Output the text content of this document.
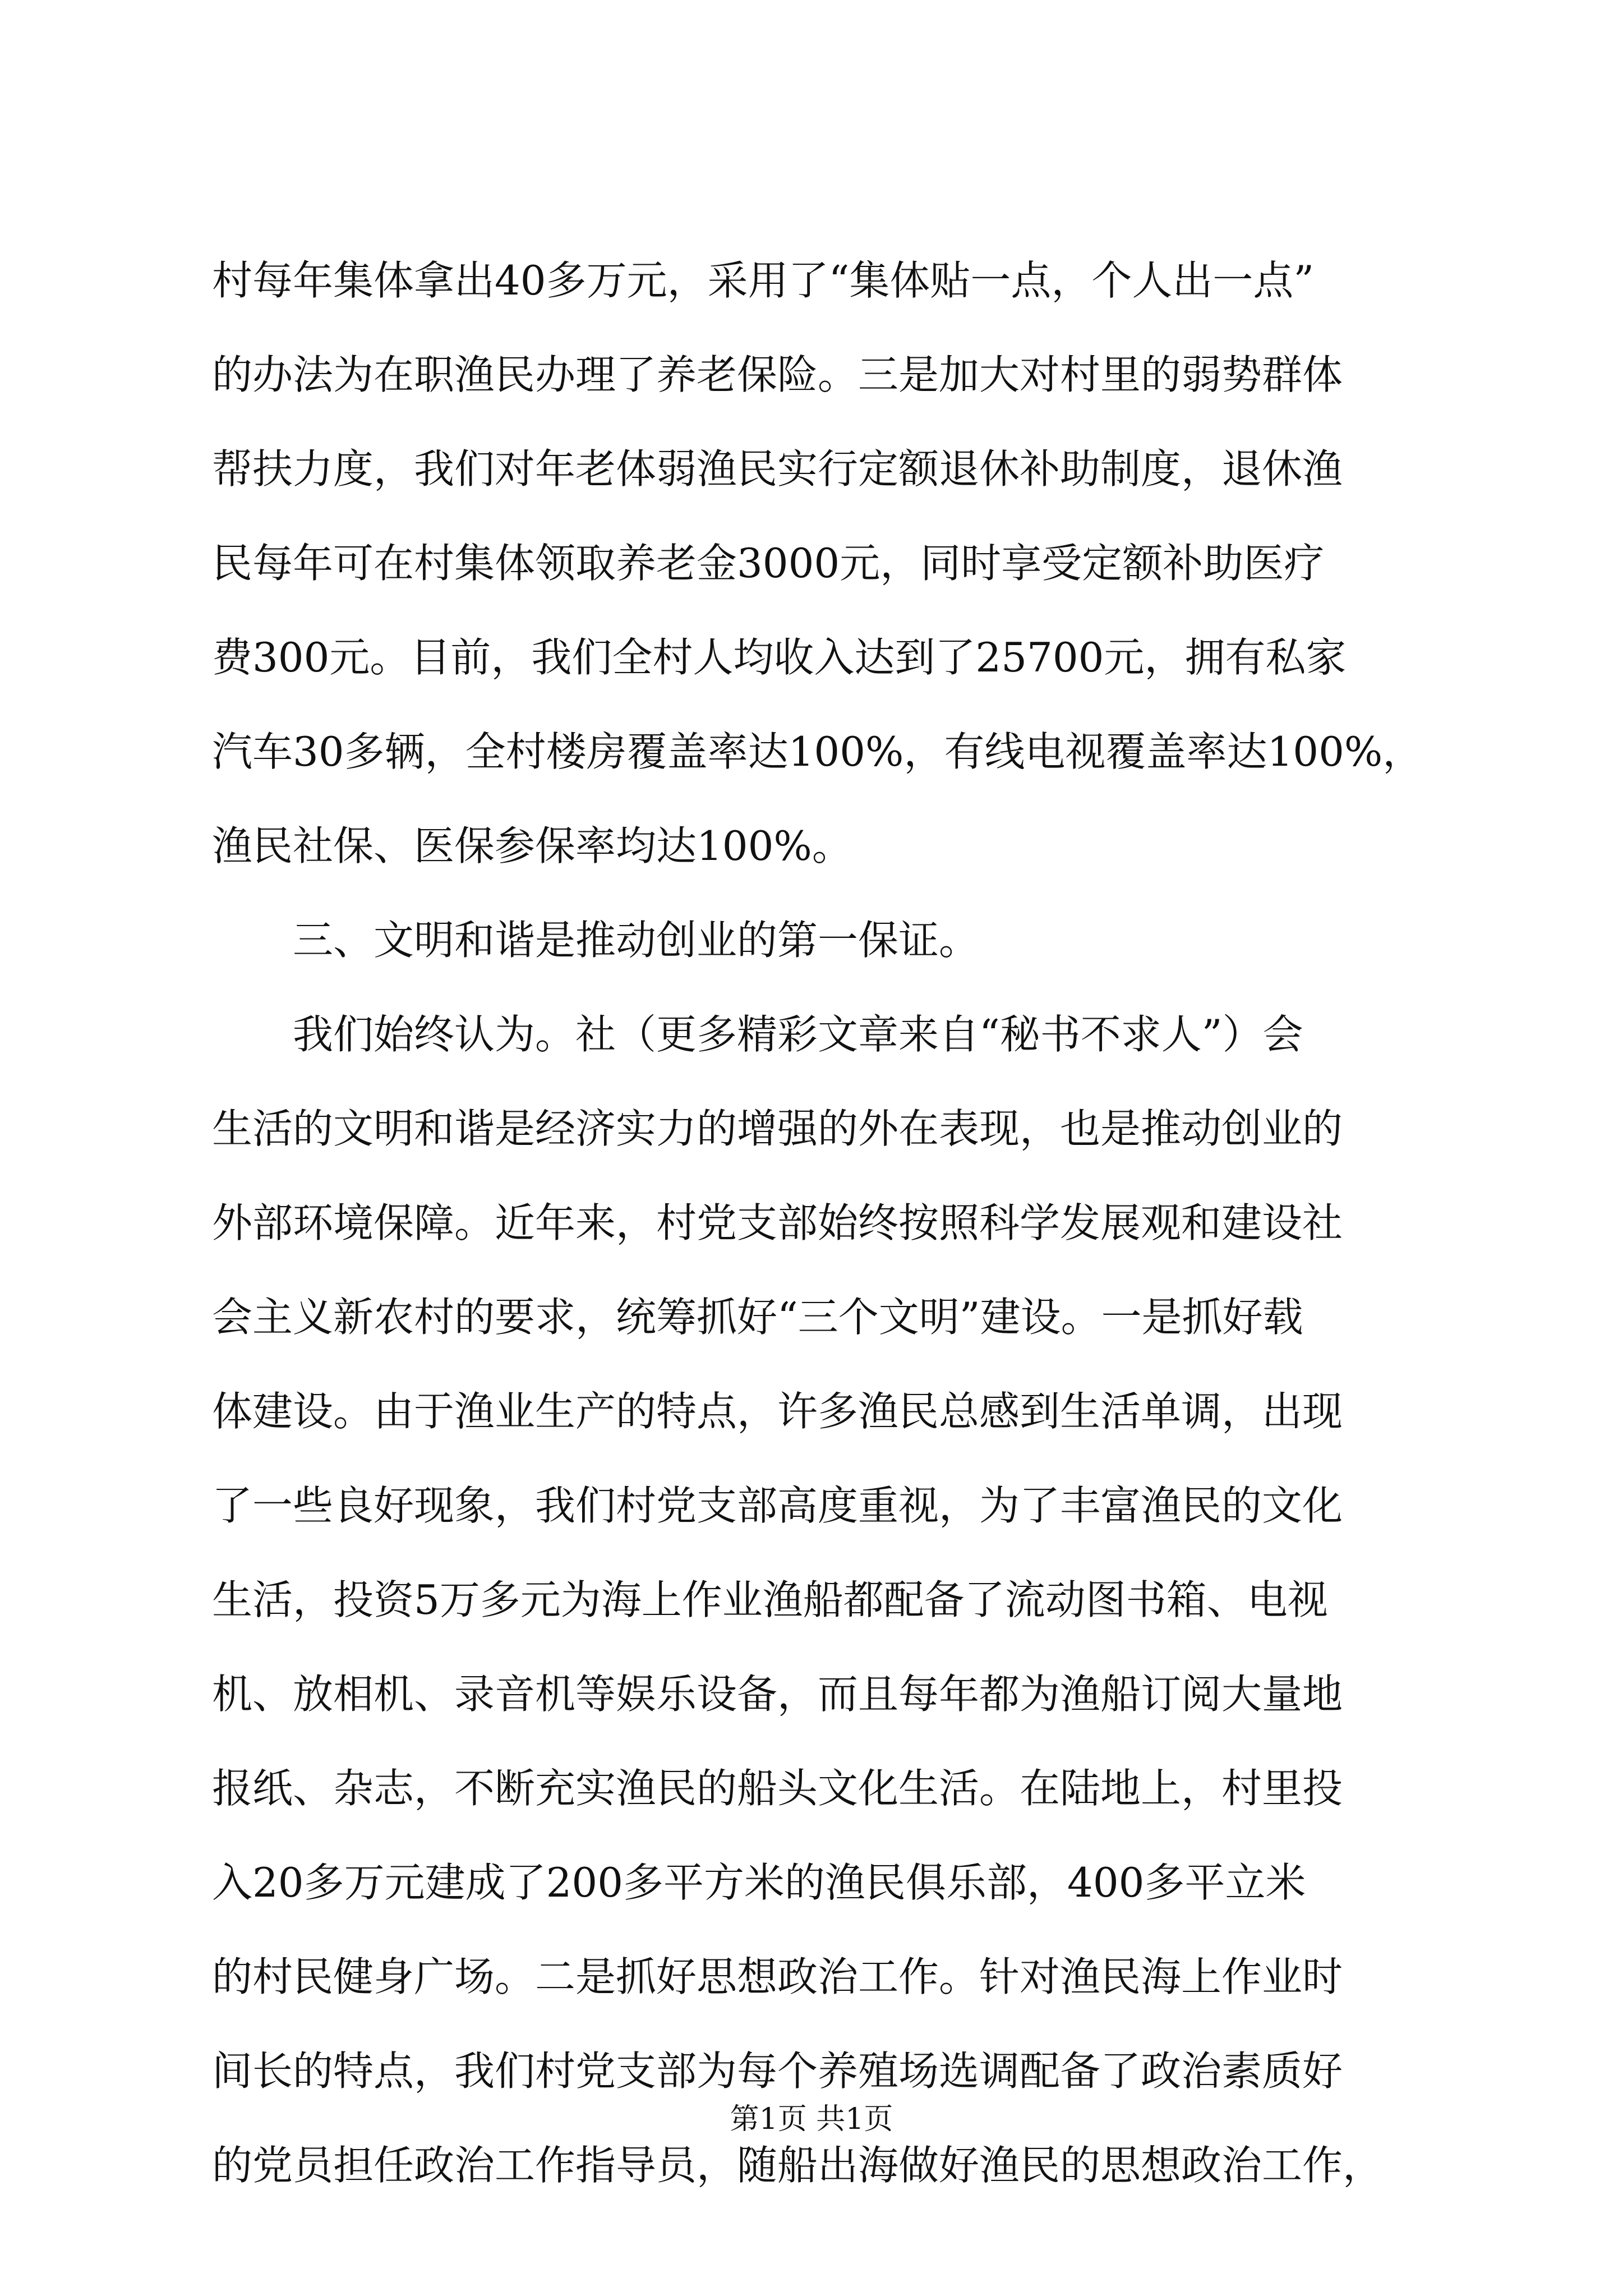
村每年集体拿出40多万元，采用了“集体贴一点，个人出一点”
的办法为在职渔民办理了养老保险。三是加大对村里的弱势群体
帮扶力度，我们对年老体弱渔民实行定额退休补助制度，退休渔
民每年可在村集体领取养老金3000元，同时享受定额补助医疗
费300元。目前，我们全村人均收入达到了25700元，拥有私家
汽车30多辆，全村楼房覆盖率达100%，有线电视覆盖率达100%，
渔民社保、医保参保率均达100%。
　　三、文明和谐是推动创业的第一保证。
　　我们始终认为。社（更多精彩文章来自“秘书不求人”）会
生活的文明和谐是经济实力的增强的外在表现，也是推动创业的
外部环境保障。近年来，村党支部始终按照科学发展观和建设社
会主义新农村的要求，统筹抓好“三个文明”建设。一是抓好载
体建设。由于渔业生产的特点，许多渔民总感到生活单调，出现
了一些良好现象，我们村党支部高度重视，为了丰富渔民的文化
生活，投资5万多元为海上作业渔船都配备了流动图书箱、电视
机、放相机、录音机等娱乐设备，而且每年都为渔船订阅大量地
报纸、杂志，不断充实渔民的船头文化生活。在陆地上，村里投
入20多万元建成了200多平方米的渔民俱乐部，400多平立米
的村民健身广场。二是抓好思想政治工作。针对渔民海上作业时
间长的特点，我们村党支部为每个养殖场选调配备了政治素质好
的党员担任政治工作指导员，随船出海做好渔民的思想政治工作，
第1页 共1页
